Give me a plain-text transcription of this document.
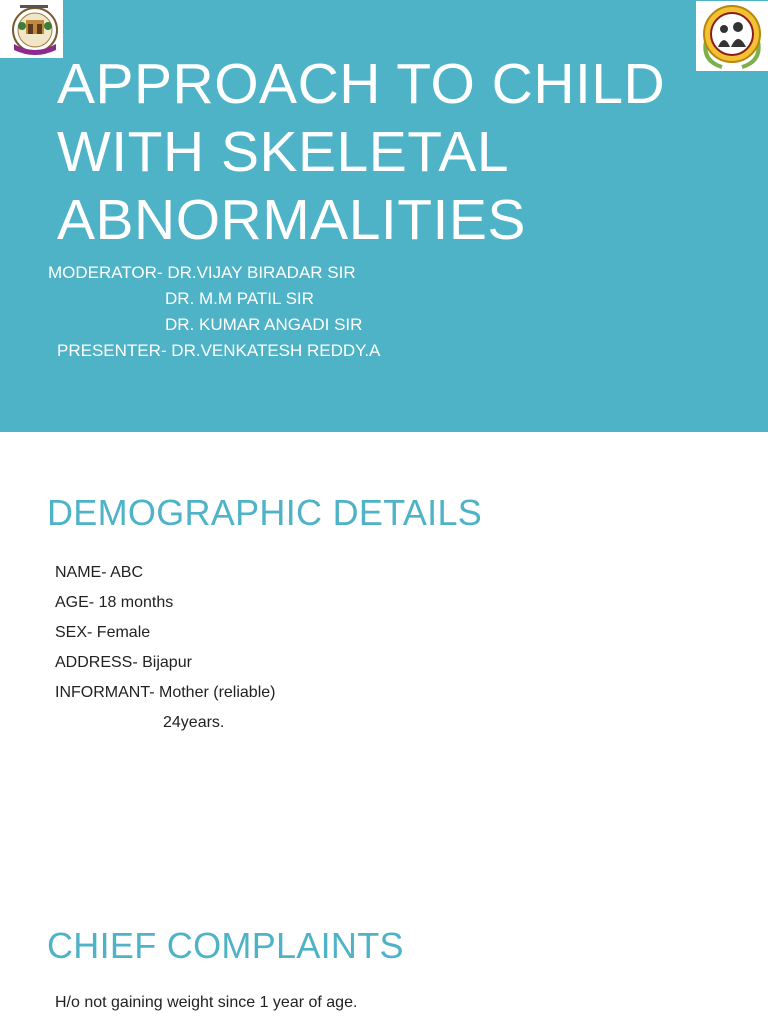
APPROACH TO CHILD
WITH SKELETAL
ABNORMALITIES
MODERATOR- DR.VIJAY BIRADAR SIR
DR. M.M PATIL SIR
DR. KUMAR ANGADI SIR
PRESENTER- DR.VENKATESH REDDY.A
DEMOGRAPHIC DETAILS
NAME- ABC
AGE- 18 months
SEX- Female
ADDRESS- Bijapur
INFORMANT- Mother (reliable)
24years.
CHIEF COMPLAINTS
H/o not gaining weight since 1 year of age.
